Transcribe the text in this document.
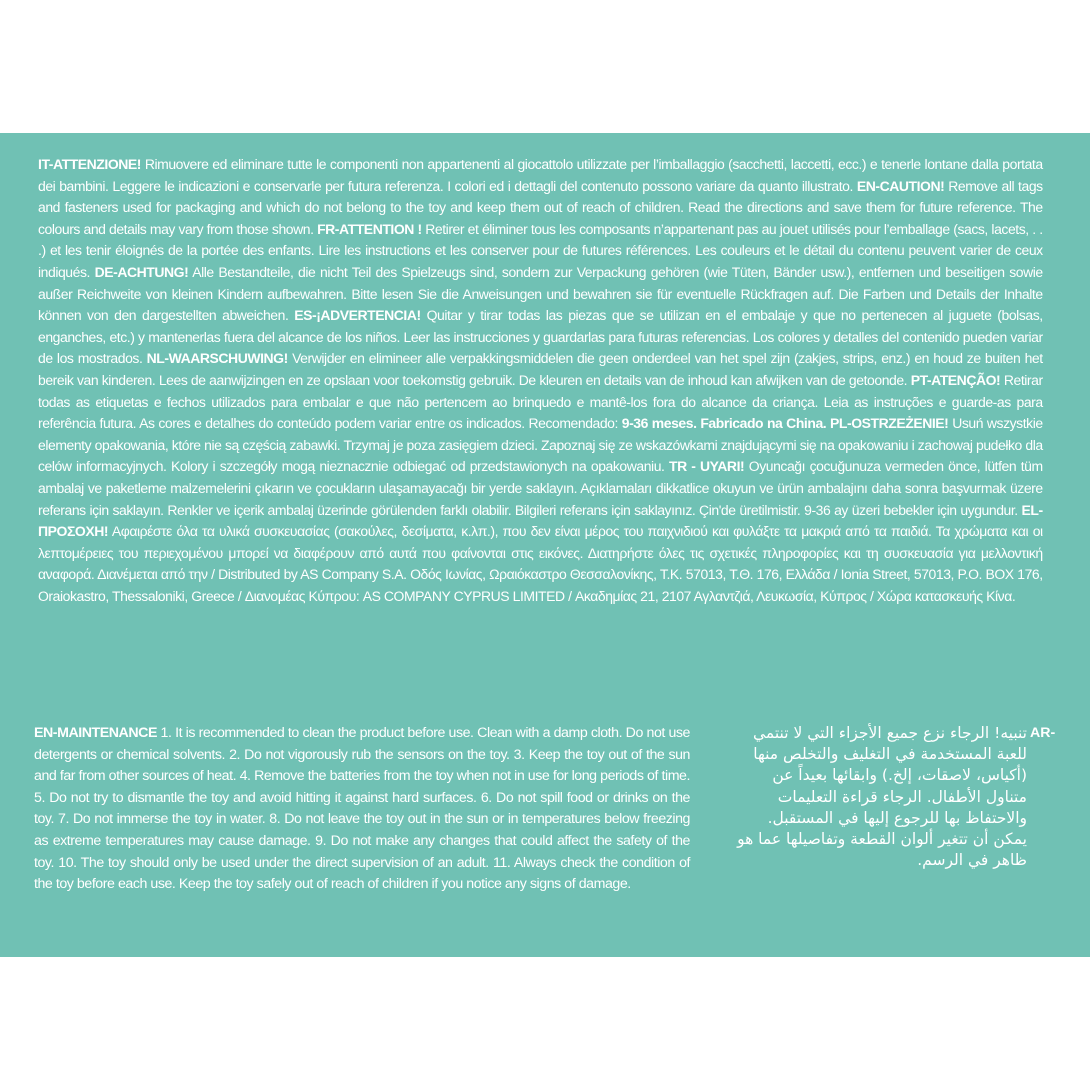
IT-ATTENZIONE! Rimuovere ed eliminare tutte le componenti non appartenenti al giocattolo utilizzate per l’imballaggio (sacchetti, laccetti, ecc.) e tenerle lontane dalla portata dei bambini. Leggere le indicazioni e conservarle per futura referenza. I colori ed i dettagli del contenuto possono variare da quanto illustrato. EN-CAUTION! Remove all tags and fasteners used for packaging and which do not belong to the toy and keep them out of reach of children. Read the directions and save them for future reference. The colours and details may vary from those shown. FR-ATTENTION ! Retirer et éliminer tous les composants n’appartenant pas au jouet utilisés pour l’emballage (sacs, lacets, . . .) et les tenir éloignés de la portée des enfants. Lire les instructions et les conserver pour de futures références. Les couleurs et le détail du contenu peuvent varier de ceux indiqués. DE-ACHTUNG! Alle Bestandteile, die nicht Teil des Spielzeugs sind, sondern zur Verpackung gehören (wie Tüten, Bänder usw.), entfernen und beseitigen sowie außer Reichweite von kleinen Kindern aufbewahren. Bitte lesen Sie die Anweisungen und bewahren sie für eventuelle Rückfragen auf. Die Farben und Details der Inhalte können von den dargestellten abweichen. ES-¡ADVERTENCIA! Quitar y tirar todas las piezas que se utilizan en el embalaje y que no pertenecen al juguete (bolsas, enganches, etc.) y mantenerlas fuera del alcance de los niños. Leer las instrucciones y guardarlas para futuras referencias. Los colores y detalles del contenido pueden variar de los mostrados. NL-WAARSCHUWING! Verwijder en elimineer alle verpakkingsmiddelen die geen onderdeel van het spel zijn (zakjes, strips, enz.) en houd ze buiten het bereik van kinderen. Lees de aanwijzingen en ze opslaan voor toekomstig gebruik. De kleuren en details van de inhoud kan afwijken van de getoonde. PT-ATENÇÃO! Retirar todas as etiquetas e fechos utilizados para embalar e que não pertencem ao brinquedo e mantê-los fora do alcance da criança. Leia as instruções e guarde-as para referência futura. As cores e detalhes do conteúdo podem variar entre os indicados. Recomendado: 9-36 meses. Fabricado na China. PL-OSTRZEŻENIE! Usuń wszystkie elementy opakowania, które nie są częścią zabawki. Trzymaj je poza zasięgiem dzieci. Zapoznaj się ze wskazówkami znajdującymi się na opakowaniu i zachowaj pudełko dla celów informacyjnych. Kolory i szczegóły mogą nieznacznie odbiegać od przedstawionych na opakowaniu. TR - UYARI! Oyuncağı çocuğunuza vermeden önce, lütfen tüm ambalaj ve paketleme malzemelerini çıkarın ve çocukların ulaşamayacağı bir yerde saklayın. Açıklamaları dikkatlice okuyun ve ürün ambalajını daha sonra başvurmak üzere referans için saklayın. Renkler ve içerik ambalaj üzerinde görülenden farklı olabilir. Bilgileri referans için saklayınız. Çin'de üretilmistir. 9-36 ay üzeri bebekler için uygundur. EL-ΠΡΟΣΟΧΗ! Αφαιρέστε όλα τα υλικά συσκευασίας (σακούλες, δεσίματα, κ.λπ.), που δεν είναι μέρος του παιχνιδιού και φυλάξτε τα μακριά από τα παιδιά. Τα χρώματα και οι λεπτομέρειες του περιεχομένου μπορεί να διαφέρουν από αυτά που φαίνονται στις εικόνες. Διατηρήστε όλες τις σχετικές πληροφορίες και τη συσκευασία για μελλοντική αναφορά. Διανέμεται από την / Distributed by AS Company S.A. Οδός Ιωνίας, Ωραιόκαστρο Θεσσαλονίκης, Τ.Κ. 57013, Τ.Θ. 176, Ελλάδα / Ionia Street, 57013, P.O. BOX 176, Oraiokastro, Thessaloniki, Greece / Διανομέας Κύπρου: AS COMPANY CYPRUS LIMITED / Ακαδημίας 21, 2107 Αγλαντζιά, Λευκωσία, Κύπρος / Χώρα κατασκευής Κίνα.
EN-MAINTENANCE 1. It is recommended to clean the product before use. Clean with a damp cloth. Do not use detergents or chemical solvents. 2. Do not vigorously rub the sensors on the toy. 3. Keep the toy out of the sun and far from other sources of heat. 4. Remove the batteries from the toy when not in use for long periods of time. 5. Do not try to dismantle the toy and avoid hitting it against hard surfaces. 6. Do not spill food or drinks on the toy. 7. Do not immerse the toy in water. 8. Do not leave the toy out in the sun or in temperatures below freezing as extreme temperatures may cause damage. 9. Do not make any changes that could affect the safety of the toy. 10. The toy should only be used under the direct supervision of an adult. 11. Always check the condition of the toy before each use. Keep the toy safely out of reach of children if you notice any signs of damage.
تنبيه! الرجاء نزع جميع الأجزاء التي لا تنتمي للعبة المستخدمة في التغليف والتخلص منها (أكياس، لاصقات، إلخ.) وابقائها بعيداً عن متناول الأطفال. الرجاء قراءة التعليمات والاحتفاظ بها للرجوع إليها في المستقبل. يمكن أن تتغير ألوان القطعة وتفاصيلها عما هو ظاهر في الرسم.
AR-
